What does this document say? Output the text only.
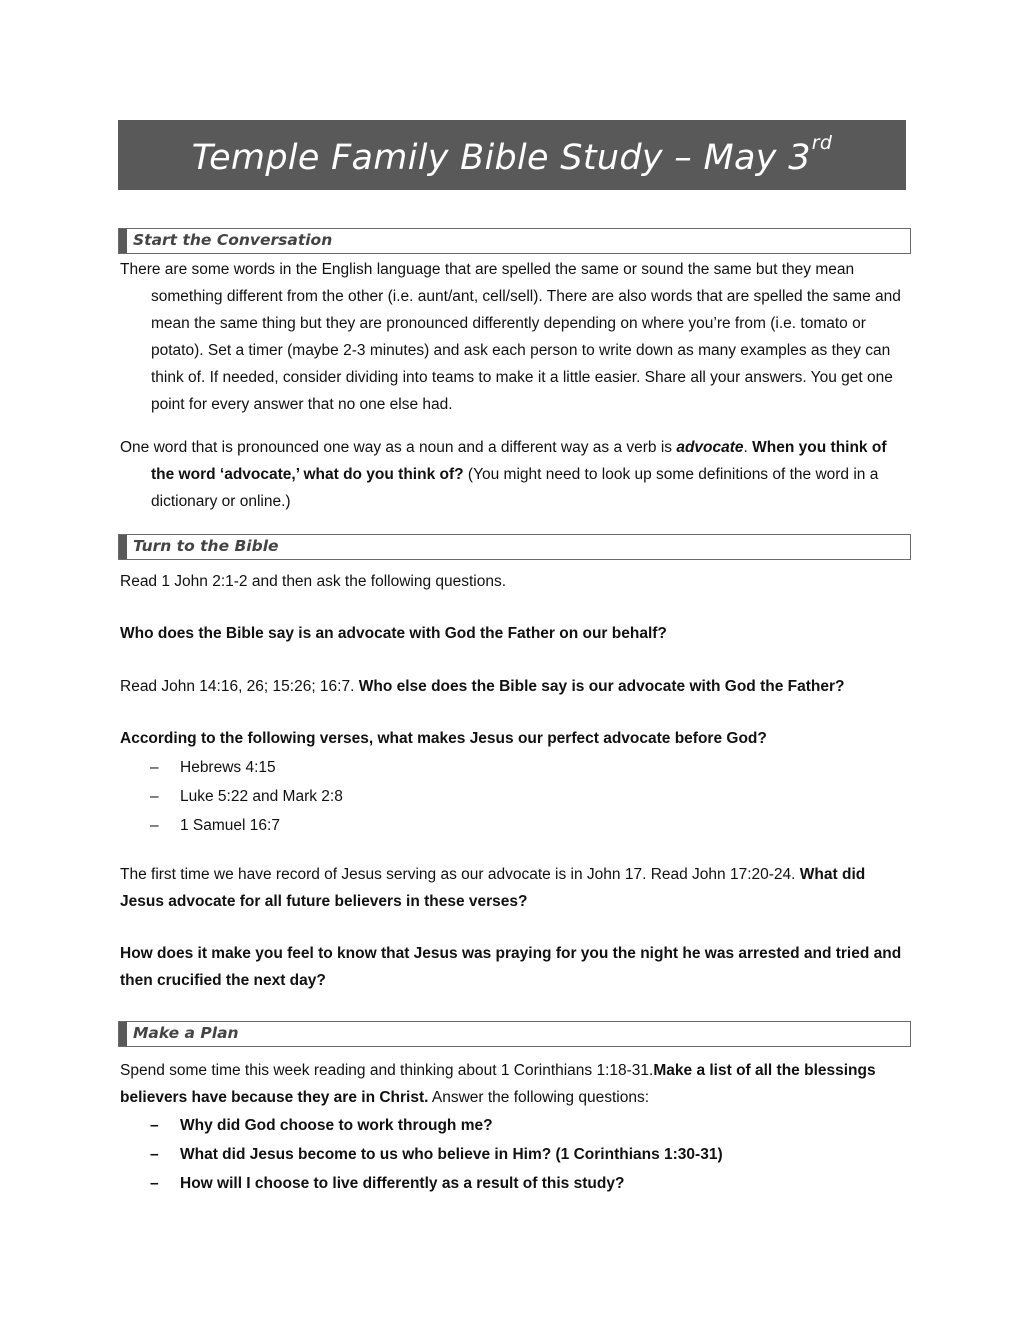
Temple Family Bible Study – May 3rd
Start the Conversation

There are some words in the English language that are spelled the same or sound the same but they mean something different from the other (i.e. aunt/ant, cell/sell). There are also words that are spelled the same and mean the same thing but they are pronounced differently depending on where you’re from (i.e. tomato or potato). Set a timer (maybe 2-3 minutes) and ask each person to write down as many examples as they can think of. If needed, consider dividing into teams to make it a little easier. Share all your answers. You get one point for every answer that no one else had.

One word that is pronounced one way as a noun and a different way as a verb is advocate. When you think of the word ‘advocate,’ what do you think of? (You might need to look up some definitions of the word in a dictionary or online.)

Turn to the Bible

Read 1 John 2:1-2 and then ask the following questions.

Who does the Bible say is an advocate with God the Father on our behalf?

Read John 14:16, 26; 15:26; 16:7. Who else does the Bible say is our advocate with God the Father?

According to the following verses, what makes Jesus our perfect advocate before God?

– Hebrews 4:15
– Luke 5:22 and Mark 2:8
– 1 Samuel 16:7

The first time we have record of Jesus serving as our advocate is in John 17. Read John 17:20-24. What did Jesus advocate for all future believers in these verses?

How does it make you feel to know that Jesus was praying for you the night he was arrested and tried and then crucified the next day?

Make a Plan

Spend some time this week reading and thinking about 1 Corinthians 1:18-31.Make a list of all the blessings believers have because they are in Christ. Answer the following questions:

– Why did God choose to work through me?
– What did Jesus become to us who believe in Him? (1 Corinthians 1:30-31)
– How will I choose to live differently as a result of this study?
